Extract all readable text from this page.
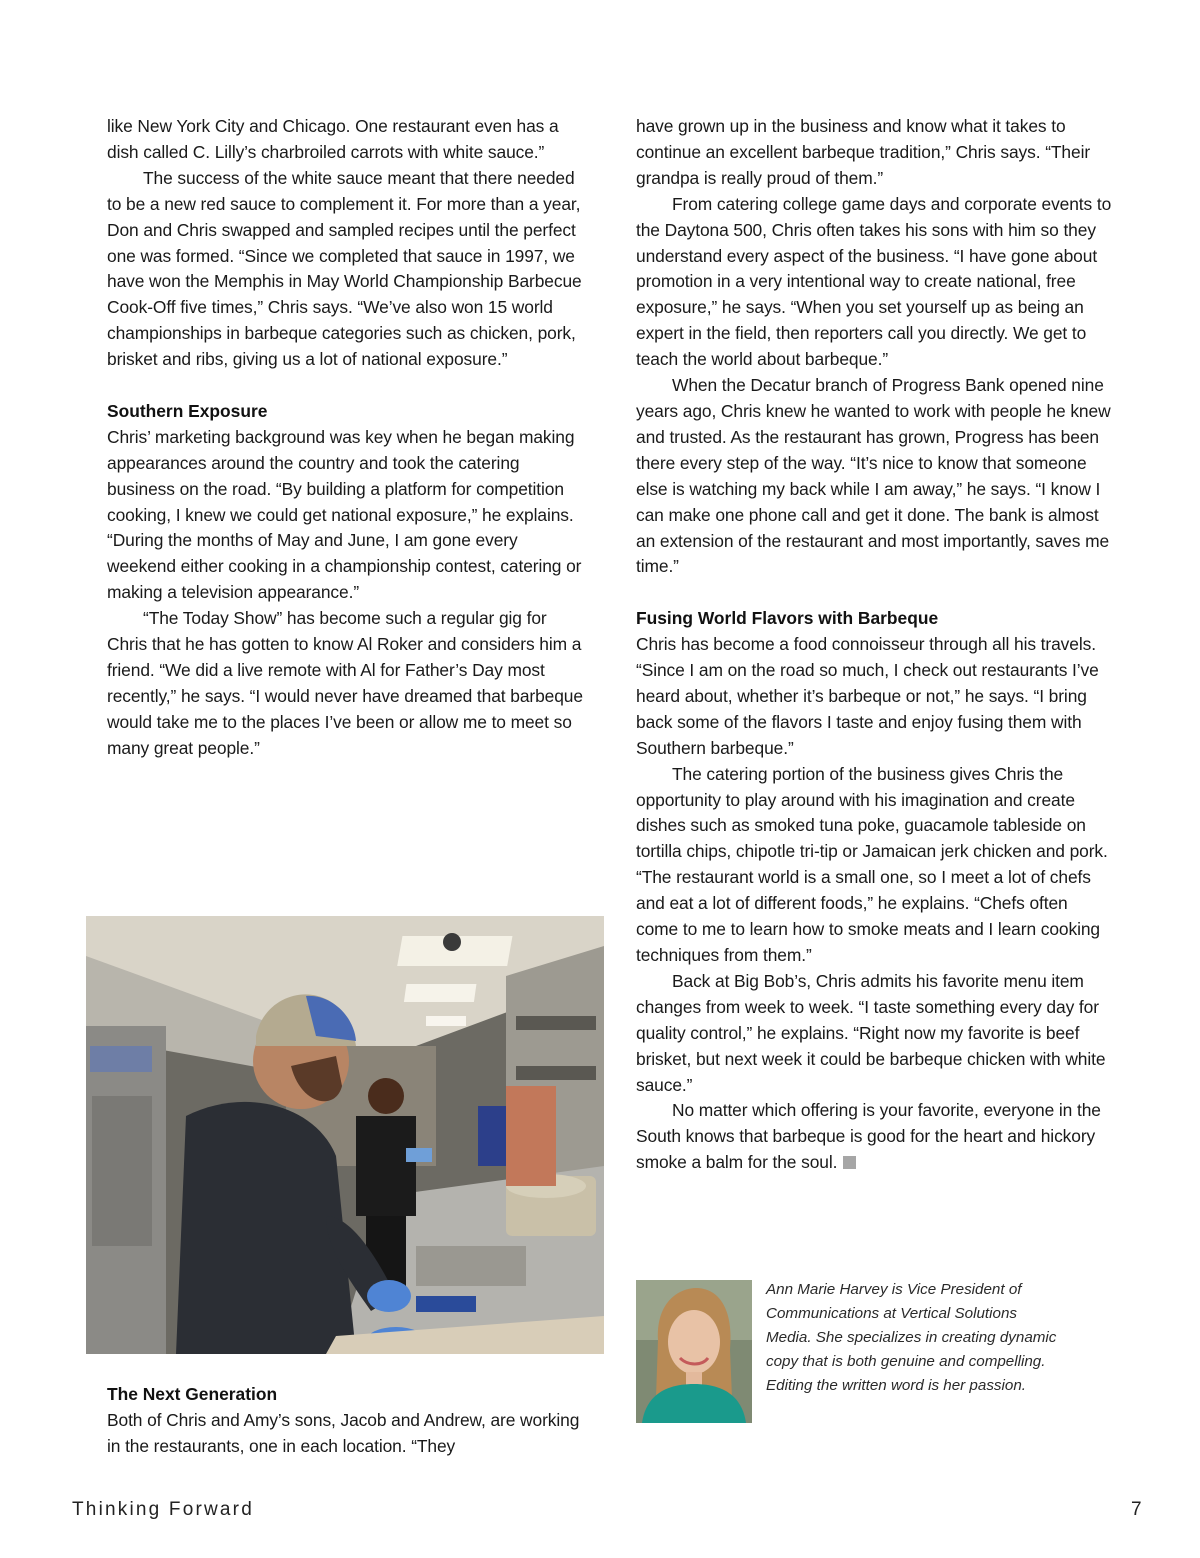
like New York City and Chicago. One restaurant even has a dish called C. Lilly’s charbroiled carrots with white sauce.”

The success of the white sauce meant that there needed to be a new red sauce to complement it. For more than a year, Don and Chris swapped and sampled recipes until the perfect one was formed. “Since we completed that sauce in 1997, we have won the Memphis in May World Championship Barbecue Cook-Off five times,” Chris says. “We’ve also won 15 world championships in barbeque categories such as chicken, pork, brisket and ribs, giving us a lot of national exposure.”

Southern Exposure

Chris’ marketing background was key when he began making appearances around the country and took the catering business on the road. “By building a platform for competition cooking, I knew we could get national exposure,” he explains. “During the months of May and June, I am gone every weekend either cooking in a championship contest, catering or making a television appearance.”

“The Today Show” has become such a regular gig for Chris that he has gotten to know Al Roker and considers him a friend. “We did a live remote with Al for Father’s Day most recently,” he says. “I would never have dreamed that barbeque would take me to the places I’ve been or allow me to meet so many great people.”

The Next Generation

Both of Chris and Amy’s sons, Jacob and Andrew, are working in the restaurants, one in each location. “They

have grown up in the business and know what it takes to continue an excellent barbeque tradition,” Chris says. “Their grandpa is really proud of them.”

From catering college game days and corporate events to the Daytona 500, Chris often takes his sons with him so they understand every aspect of the business. “I have gone about promotion in a very intentional way to create national, free exposure,” he says. “When you set yourself up as being an expert in the field, then reporters call you directly. We get to teach the world about barbeque.”

When the Decatur branch of Progress Bank opened nine years ago, Chris knew he wanted to work with people he knew and trusted. As the restaurant has grown, Progress has been there every step of the way. “It’s nice to know that someone else is watching my back while I am away,” he says. “I know I can make one phone call and get it done. The bank is almost an extension of the restaurant and most importantly, saves me time.”

Fusing World Flavors with Barbeque

Chris has become a food connoisseur through all his travels. “Since I am on the road so much, I check out restaurants I’ve heard about, whether it’s barbeque or not,” he says. “I bring back some of the flavors I taste and enjoy fusing them with Southern barbeque.”

The catering portion of the business gives Chris the opportunity to play around with his imagination and create dishes such as smoked tuna poke, guacamole tableside on tortilla chips, chipotle tri-tip or Jamaican jerk chicken and pork. “The restaurant world is a small one, so I meet a lot of chefs and eat a lot of different foods,” he explains. “Chefs often come to me to learn how to smoke meats and I learn cooking techniques from them.”

Back at Big Bob’s, Chris admits his favorite menu item changes from week to week. “I taste something every day for quality control,” he explains. “Right now my favorite is beef brisket, but next week it could be barbeque chicken with white sauce.”

No matter which offering is your favorite, everyone in the South knows that barbeque is good for the heart and hickory smoke a balm for the soul.

Ann Marie Harvey is Vice President of Communications at Vertical Solutions Media. She specializes in creating dynamic copy that is both genuine and compelling. Editing the written word is her passion.
Thinking Forward	7
